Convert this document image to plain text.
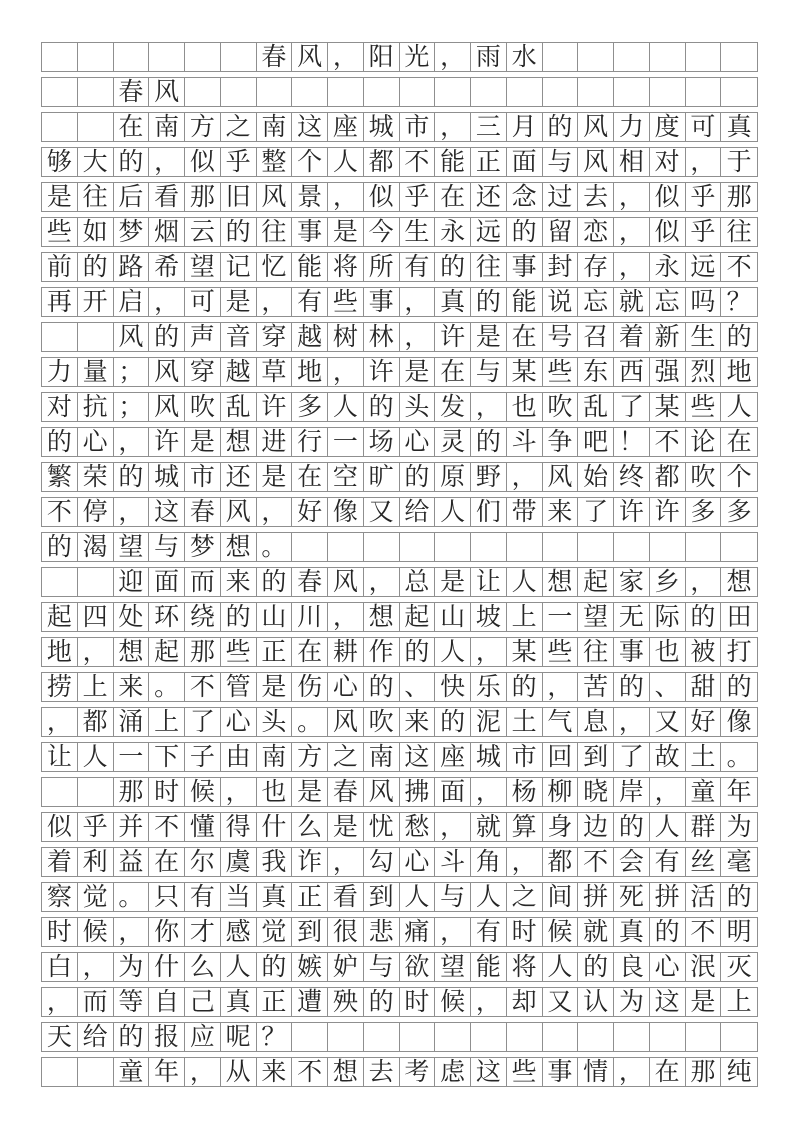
春 风 ， 阳 光 ， 雨 水
春 风
在 南 方 之 南 这 座 城 市 ， 三 月 的 风 力 度 可 真
够 大 的 ， 似 乎 整 个 人 都 不 能 正 面 与 风 相 对 ， 于
是 往 后 看 那 旧 风 景 ， 似 乎 在 还 念 过 去 ， 似 乎 那
些 如 梦 烟 云 的 往 事 是 今 生 永 远 的 留 恋 ， 似 乎 往
前 的 路 希 望 记 忆 能 将 所 有 的 往 事 封 存 ， 永 远 不
再 开 启 ， 可 是 ， 有 些 事 ， 真 的 能 说 忘 就 忘 吗 ？
风 的 声 音 穿 越 树 林 ， 许 是 在 号 召 着 新 生 的
力 量 ； 风 穿 越 草 地 ， 许 是 在 与 某 些 东 西 强 烈 地
对 抗 ； 风 吹 乱 许 多 人 的 头 发 ， 也 吹 乱 了 某 些 人
的 心 ， 许 是 想 进 行 一 场 心 灵 的 斗 争 吧 ！ 不 论 在
繁 荣 的 城 市 还 是 在 空 旷 的 原 野 ， 风 始 终 都 吹 个
不 停 ， 这 春 风 ， 好 像 又 给 人 们 带 来 了 许 许 多 多
的 渴 望 与 梦 想 。
迎 面 而 来 的 春 风 ， 总 是 让 人 想 起 家 乡 ， 想
起 四 处 环 绕 的 山 川 ， 想 起 山 坡 上 一 望 无 际 的 田
地 ， 想 起 那 些 正 在 耕 作 的 人 ， 某 些 往 事 也 被 打
捞 上 来 。 不 管 是 伤 心 的 、 快 乐 的 ， 苦 的 、 甜 的
， 都 涌 上 了 心 头 。 风 吹 来 的 泥 土 气 息 ， 又 好 像
让 人 一 下 子 由 南 方 之 南 这 座 城 市 回 到 了 故 土 。
那 时 候 ， 也 是 春 风 拂 面 ， 杨 柳 晓 岸 ， 童 年
似 乎 并 不 懂 得 什 么 是 忧 愁 ， 就 算 身 边 的 人 群 为
着 利 益 在 尔 虞 我 诈 ， 勾 心 斗 角 ， 都 不 会 有 丝 毫
察 觉 。 只 有 当 真 正 看 到 人 与 人 之 间 拼 死 拼 活 的
时 候 ， 你 才 感 觉 到 很 悲 痛 ， 有 时 候 就 真 的 不 明
白 ， 为 什 么 人 的 嫉 妒 与 欲 望 能 将 人 的 良 心 泯 灭
， 而 等 自 己 真 正 遭 殃 的 时 候 ， 却 又 认 为 这 是 上
天 给 的 报 应 呢 ？
童 年 ， 从 来 不 想 去 考 虑 这 些 事 情 ， 在 那 纯
